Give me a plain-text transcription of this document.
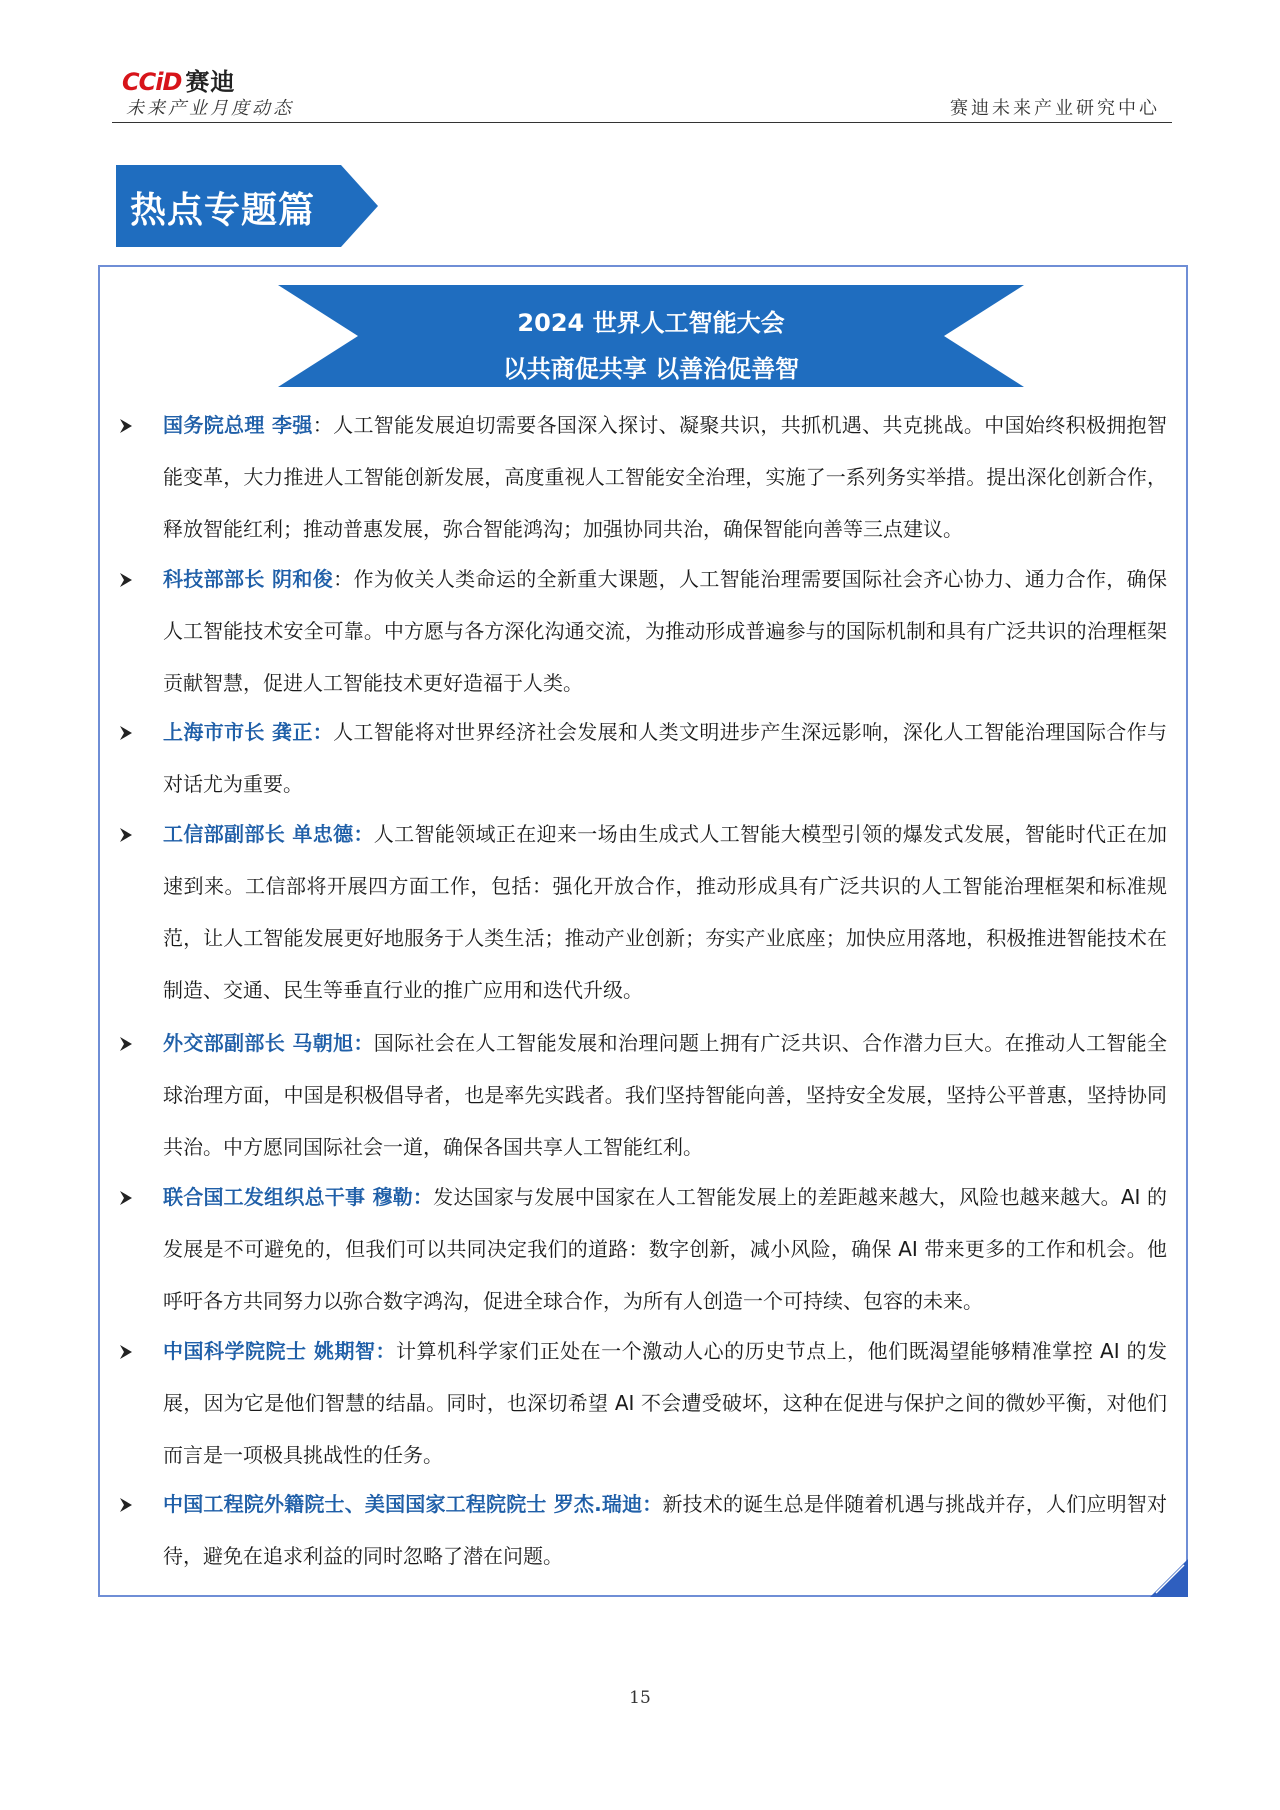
CCiD 赛迪
未来产业月度动态	赛迪未来产业研究中心
热点专题篇
2024 世界人工智能大会
以共商促共享 以善治促善智
国务院总理 李强：人工智能发展迫切需要各国深入探讨、凝聚共识，共抓机遇、共克挑战。中国始终积极拥抱智能变革，大力推进人工智能创新发展，高度重视人工智能安全治理，实施了一系列务实举措。提出深化创新合作，释放智能红利；推动普惠发展，弥合智能鸿沟；加强协同共治，确保智能向善等三点建议。
科技部部长 阴和俊：作为攸关人类命运的全新重大课题，人工智能治理需要国际社会齐心协力、通力合作，确保人工智能技术安全可靠。中方愿与各方深化沟通交流，为推动形成普遍参与的国际机制和具有广泛共识的治理框架贡献智慧，促进人工智能技术更好造福于人类。
上海市市长 龚正：人工智能将对世界经济社会发展和人类文明进步产生深远影响，深化人工智能治理国际合作与对话尤为重要。
工信部副部长 单忠德：人工智能领域正在迎来一场由生成式人工智能大模型引领的爆发式发展，智能时代正在加速到来。工信部将开展四方面工作，包括：强化开放合作，推动形成具有广泛共识的人工智能治理框架和标准规范，让人工智能发展更好地服务于人类生活；推动产业创新；夯实产业底座；加快应用落地，积极推进智能技术在制造、交通、民生等垂直行业的推广应用和迭代升级。
外交部副部长 马朝旭：国际社会在人工智能发展和治理问题上拥有广泛共识、合作潜力巨大。在推动人工智能全球治理方面，中国是积极倡导者，也是率先实践者。我们坚持智能向善，坚持安全发展，坚持公平普惠，坚持协同共治。中方愿同国际社会一道，确保各国共享人工智能红利。
联合国工发组织总干事 穆勒：发达国家与发展中国家在人工智能发展上的差距越来越大，风险也越来越大。AI 的发展是不可避免的，但我们可以共同决定我们的道路：数字创新，减小风险，确保 AI 带来更多的工作和机会。他呼吁各方共同努力以弥合数字鸿沟，促进全球合作，为所有人创造一个可持续、包容的未来。
中国科学院院士 姚期智：计算机科学家们正处在一个激动人心的历史节点上，他们既渴望能够精准掌控 AI 的发展，因为它是他们智慧的结晶。同时，也深切希望 AI 不会遭受破坏，这种在促进与保护之间的微妙平衡，对他们而言是一项极具挑战性的任务。
中国工程院外籍院士、美国国家工程院院士 罗杰.瑞迪：新技术的诞生总是伴随着机遇与挑战并存，人们应明智对待，避免在追求利益的同时忽略了潜在问题。
15
